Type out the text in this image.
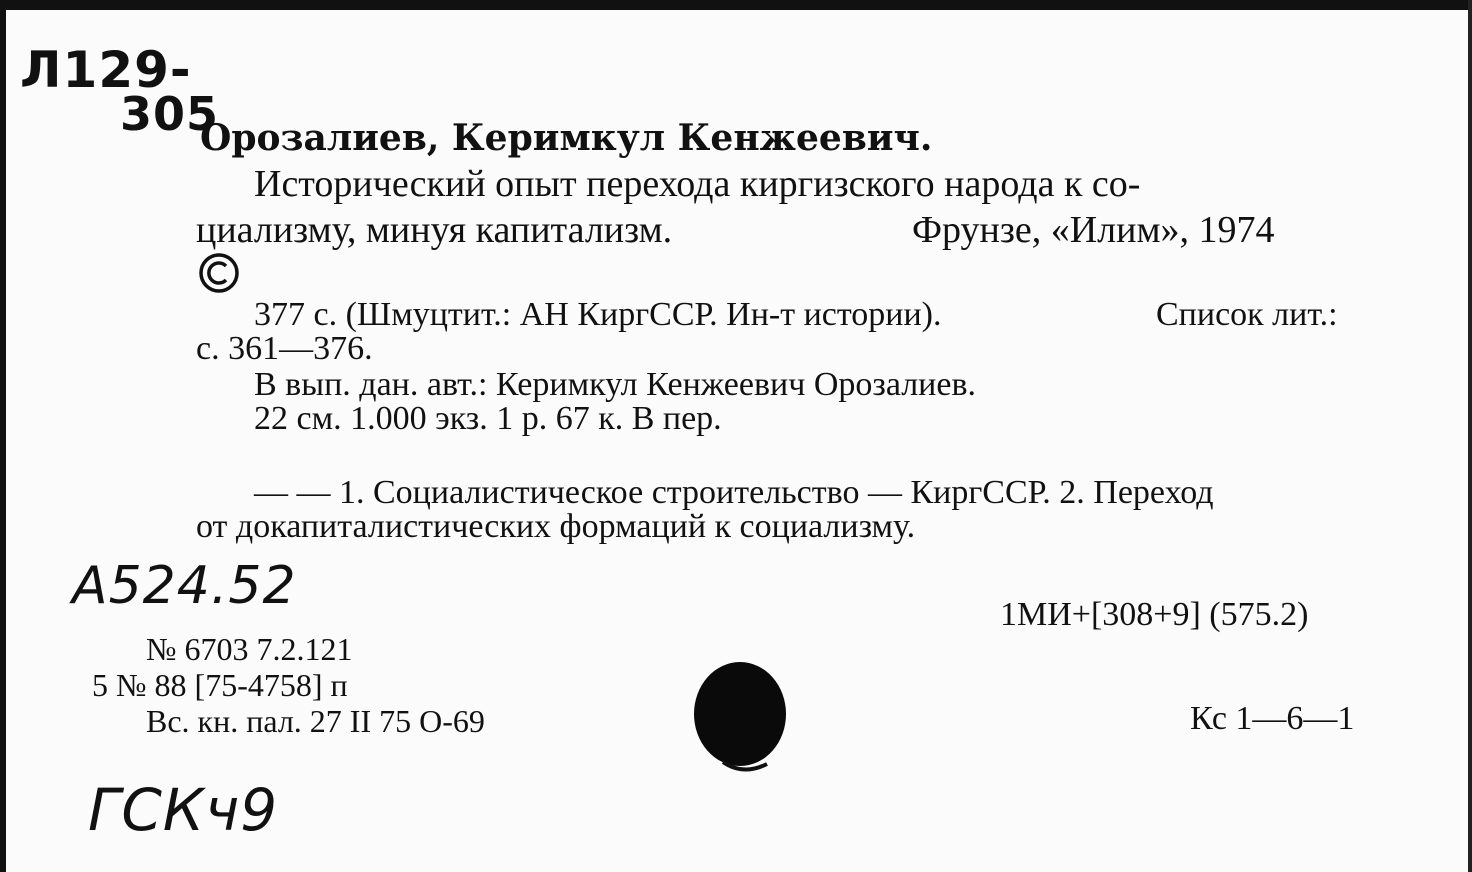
Л129-
305
Орозалиев, Керимкул Кенжеевич.
Исторический опыт перехода киргизского народа к со-
циализму, минуя капитализм.	Фрунзе, «Илим», 1974
377 с. (Шмуцтит.: АН КиргССР. Ин-т истории).	Список лит.:
с. 361—376.
В вып. дан. авт.: Керимкул Кенжеевич Орозалиев.
22 см. 1.000 экз. 1 р. 67 к. В пер.
— — 1. Социалистическое строительство — КиргССР. 2. Переход
от докапиталистических формаций к социализму.
А524.52	1МИ+[308+9] (575.2)
№ 6703 7.2.121
5 № 88 [75-4758] п
Вс. кн. пал. 27 II 75 О-69	Кс 1—6—1
ГСКч9
